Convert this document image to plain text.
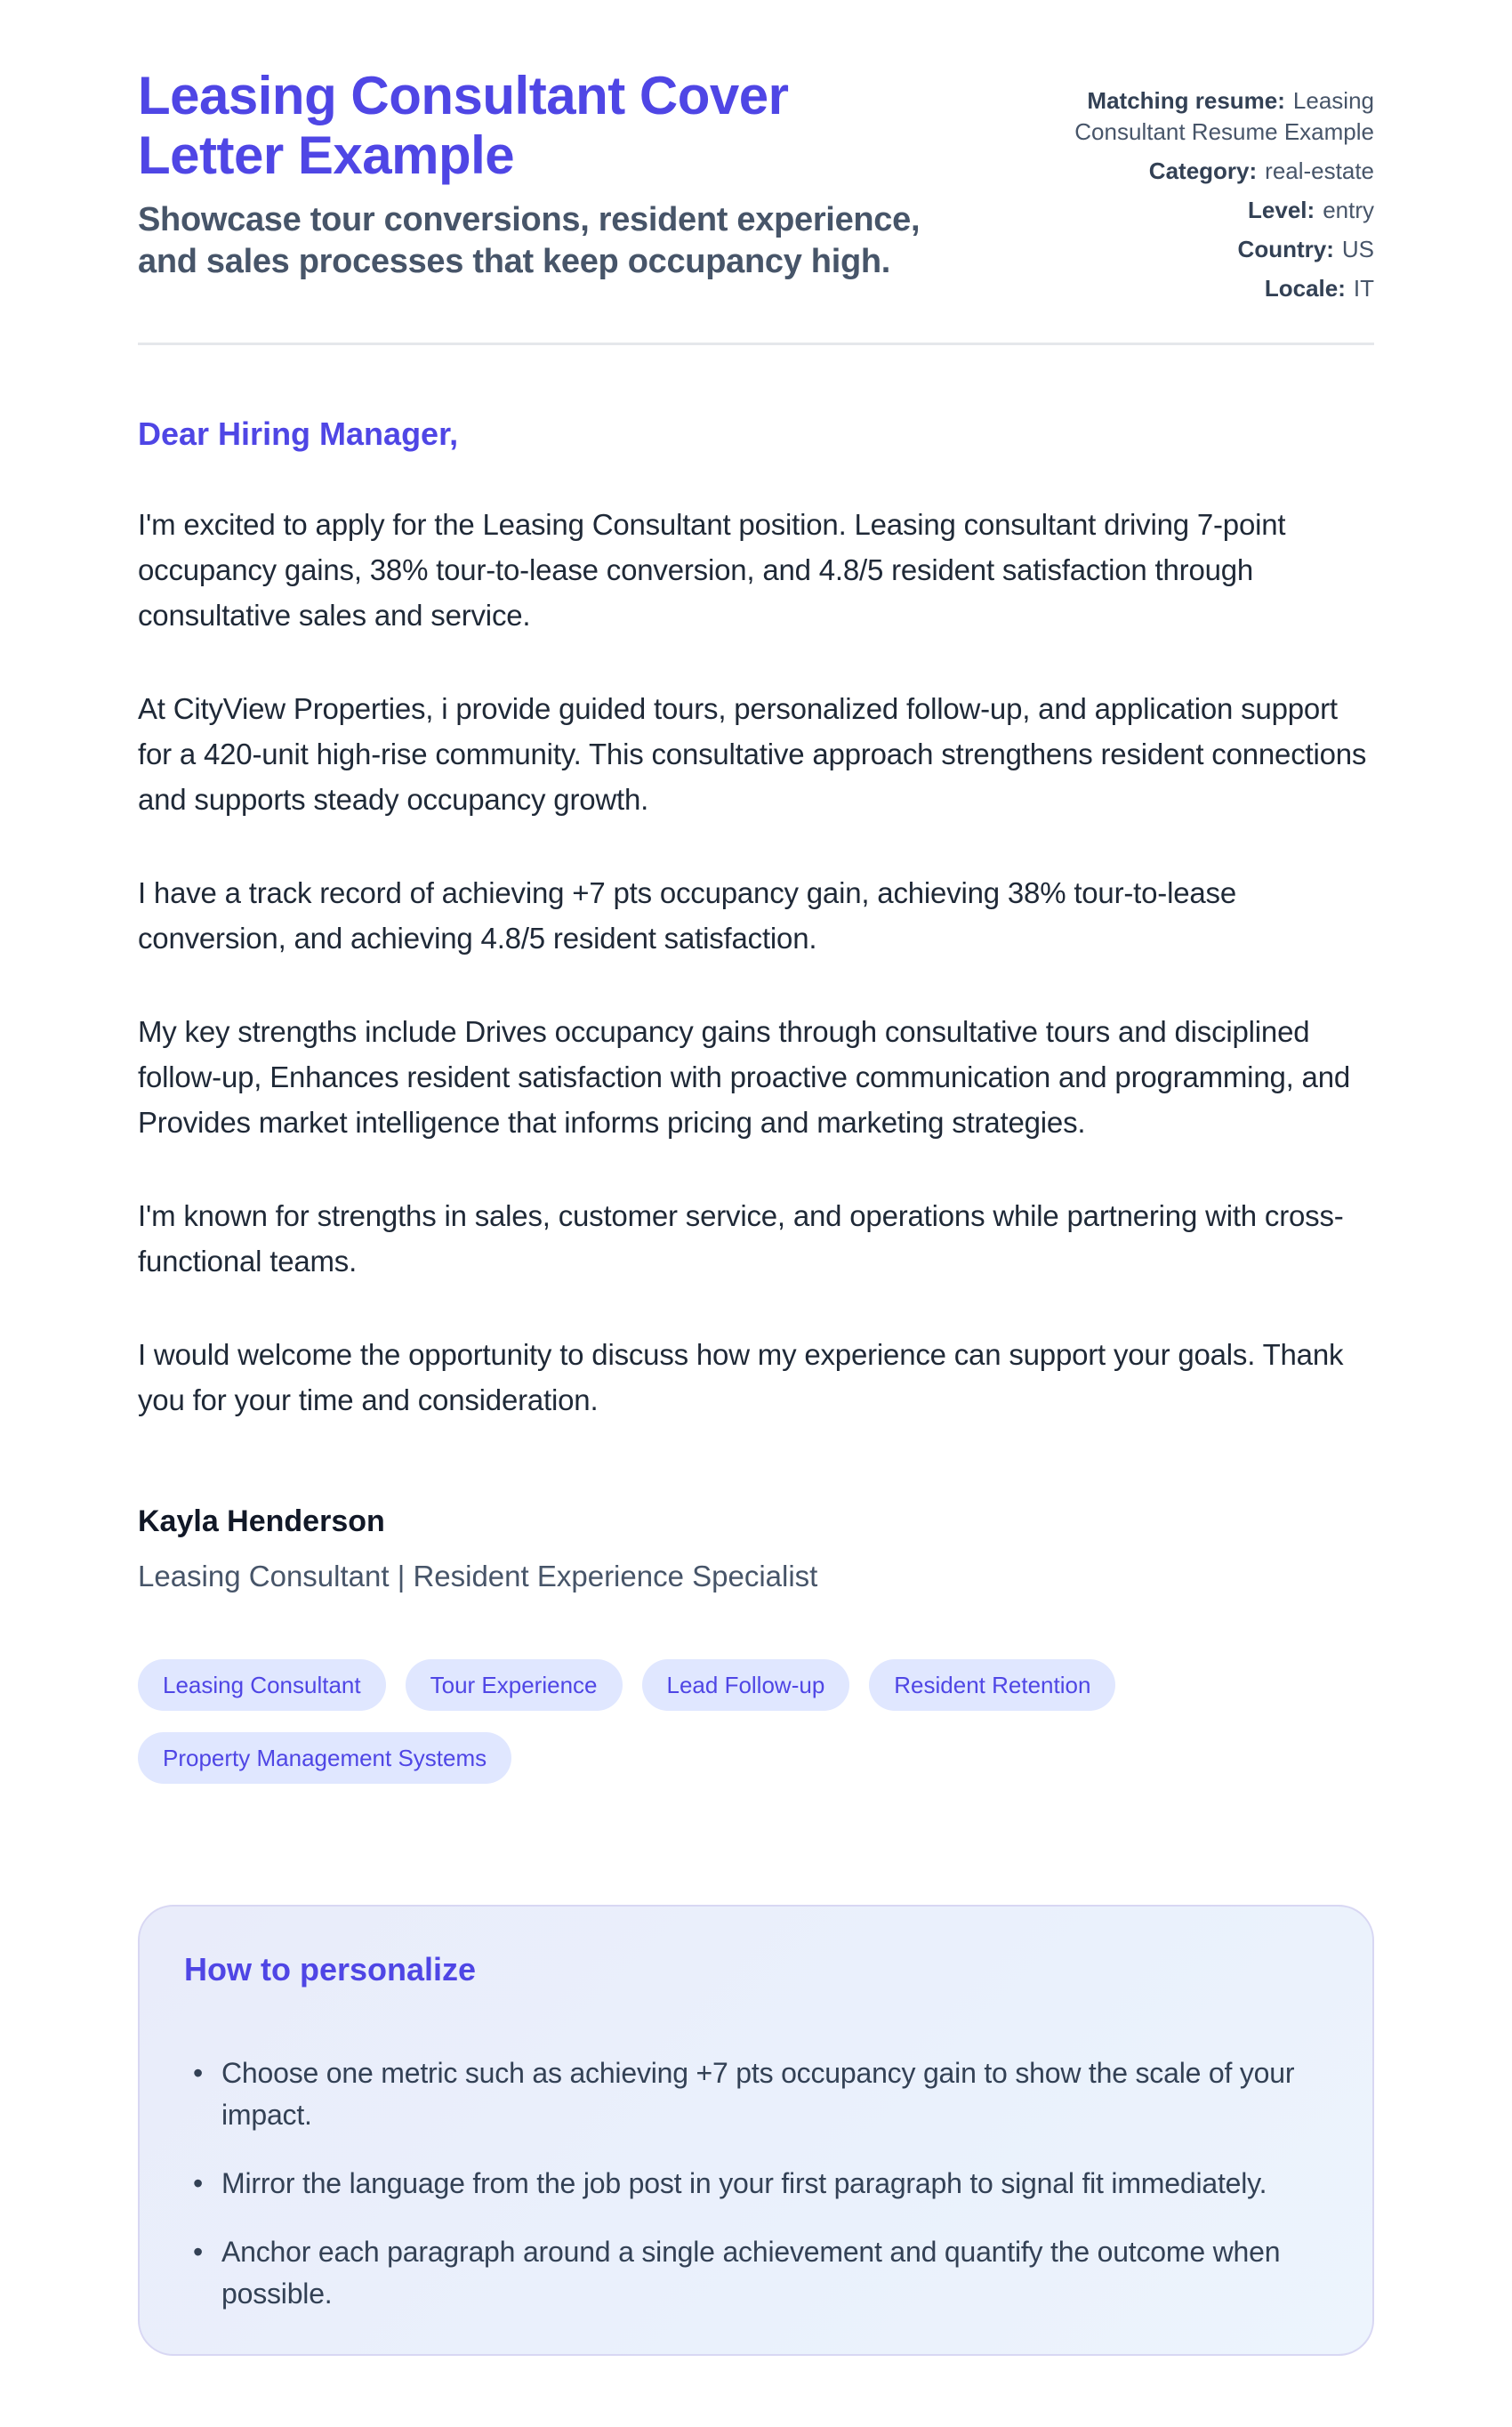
Leasing Consultant Cover Letter Example
Showcase tour conversions, resident experience, and sales processes that keep occupancy high.
Matching resume: Leasing Consultant Resume Example
Category: real-estate
Level: entry
Country: US
Locale: IT
Dear Hiring Manager,

I'm excited to apply for the Leasing Consultant position. Leasing consultant driving 7-point occupancy gains, 38% tour-to-lease conversion, and 4.8/5 resident satisfaction through consultative sales and service.

At CityView Properties, i provide guided tours, personalized follow-up, and application support for a 420-unit high-rise community. This consultative approach strengthens resident connections and supports steady occupancy growth.

I have a track record of achieving +7 pts occupancy gain, achieving 38% tour-to-lease conversion, and achieving 4.8/5 resident satisfaction.

My key strengths include Drives occupancy gains through consultative tours and disciplined follow-up, Enhances resident satisfaction with proactive communication and programming, and Provides market intelligence that informs pricing and marketing strategies.

I'm known for strengths in sales, customer service, and operations while partnering with cross-functional teams.

I would welcome the opportunity to discuss how my experience can support your goals. Thank you for your time and consideration.

Kayla Henderson
Leasing Consultant | Resident Experience Specialist
Leasing Consultant	Tour Experience	Lead Follow-up	Resident Retention
Property Management Systems
How to personalize
• Choose one metric such as achieving +7 pts occupancy gain to show the scale of your impact.
• Mirror the language from the job post in your first paragraph to signal fit immediately.
• Anchor each paragraph around a single achievement and quantify the outcome when possible.
